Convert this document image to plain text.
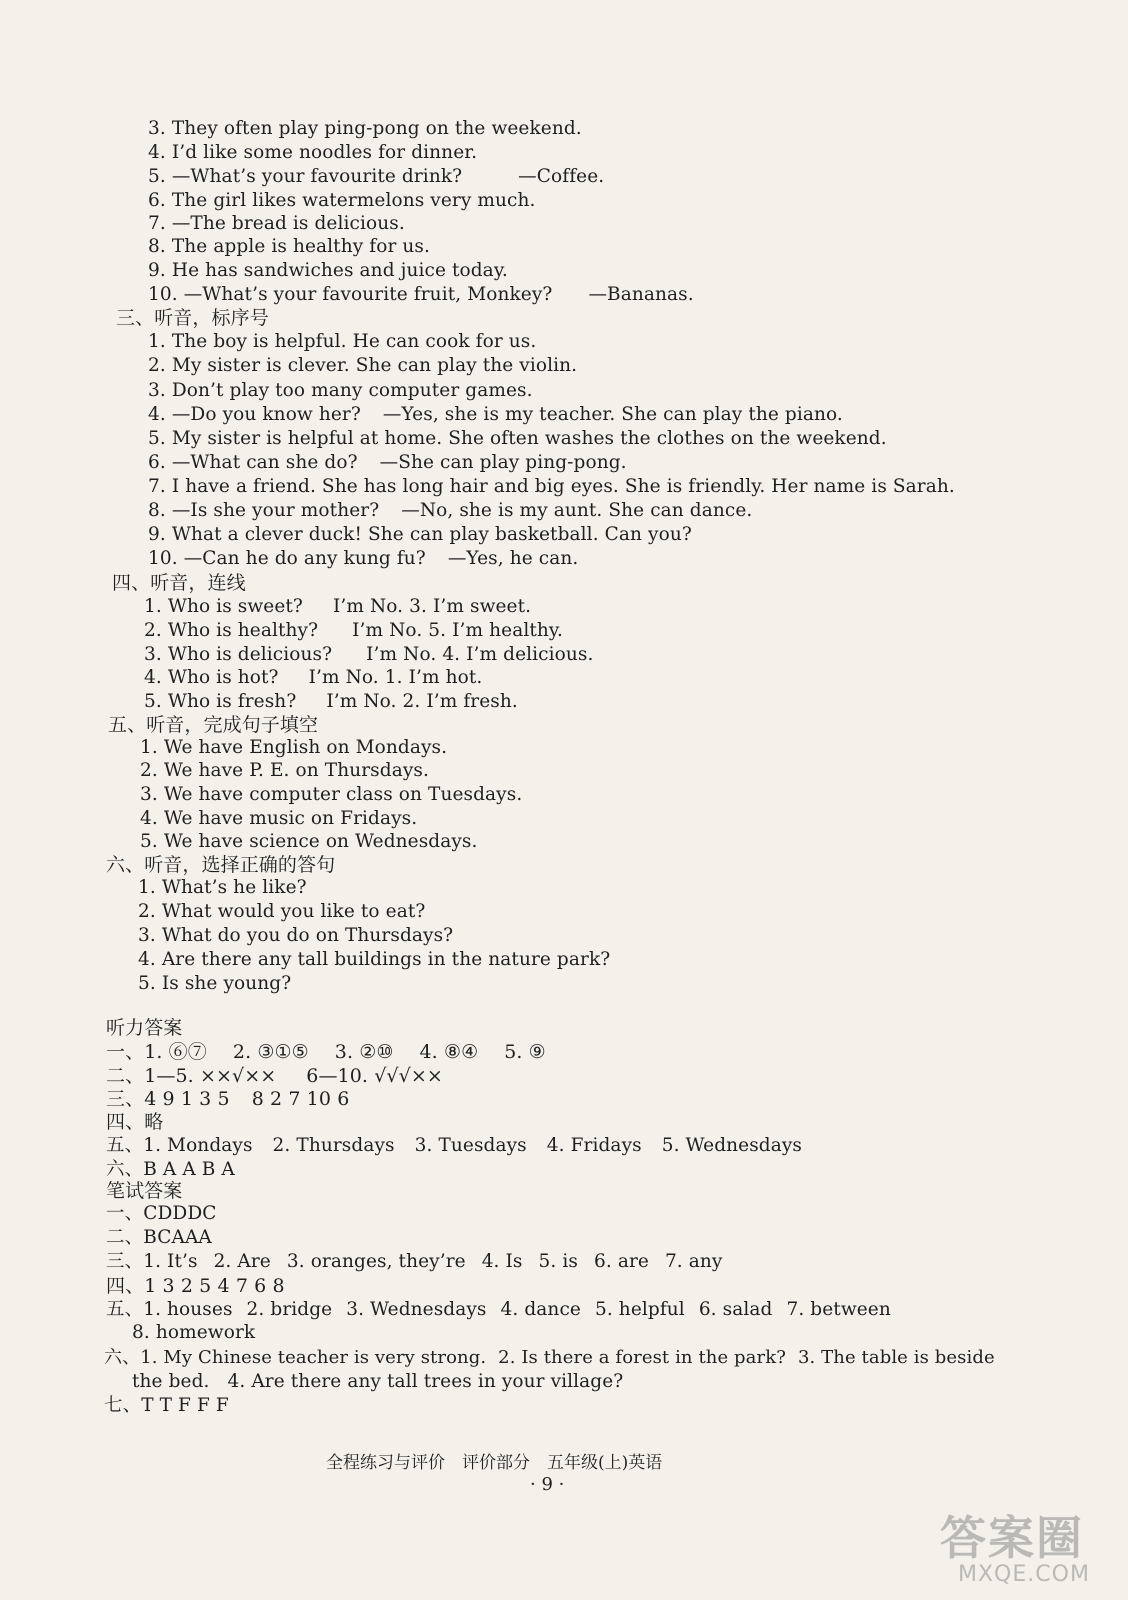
3. They often play ping-pong on the weekend.
4. I’d like some noodles for dinner.
5. —What’s your favourite drink?	—Coffee.
6. The girl likes watermelons very much.
7. —The bread is delicious.
8. The apple is healthy for us.
9. He has sandwiches and juice today.
10. —What’s your favourite fruit, Monkey? —Bananas.
三、听音，标序号
1. The boy is helpful. He can cook for us.
2. My sister is clever. She can play the violin.
3. Don’t play too many computer games.
4. —Do you know her? —Yes, she is my teacher. She can play the piano.
5. My sister is helpful at home. She often washes the clothes on the weekend.
6. —What can she do? —She can play ping-pong.
7. I have a friend. She has long hair and big eyes. She is friendly. Her name is Sarah.
8. —Is she your mother? —No, she is my aunt. She can dance.
9. What a clever duck! She can play basketball. Can you?
10. —Can he do any kung fu? —Yes, he can.
四、听音，连线
1. Who is sweet? I’m No. 3. I’m sweet.
2. Who is healthy? I’m No. 5. I’m healthy.
3. Who is delicious? I’m No. 4. I’m delicious.
4. Who is hot? I’m No. 1. I’m hot.
5. Who is fresh? I’m No. 2. I’m fresh.
五、听音，完成句子填空
1. We have English on Mondays.
2. We have P. E. on Thursdays.
3. We have computer class on Tuesdays.
4. We have music on Fridays.
5. We have science on Wednesdays.
六、听音，选择正确的答句
1. What’s he like?
2. What would you like to eat?
3. What do you do on Thursdays?
4. Are there any tall buildings in the nature park?
5. Is she young?
听力答案
一、1. ⑥⑦ 2. ③①⑤ 3. ②⑩ 4. ⑧④ 5. ⑨
二、1—5. ××√×× 6—10. √√√××
三、4 9 1 3 5 8 2 7 10 6
四、略
五、1. Mondays 2. Thursdays 3. Tuesdays 4. Fridays 5. Wednesdays
六、B A A B A
笔试答案
一、CDDDC
二、BCAAA
三、1. It’s 2. Are 3. oranges, they’re 4. Is 5. is 6. are 7. any
四、1 3 2 5 4 7 6 8
五、1. houses 2. bridge 3. Wednesdays 4. dance 5. helpful 6. salad 7. between
8. homework
六、1. My Chinese teacher is very strong. 2. Is there a forest in the park? 3. The table is beside
the bed. 4. Are there any tall trees in your village?
七、T T F F F
全程练习与评价　评价部分　五年级(上)英语
· 9 ·
答案圈
MXQE.COM
